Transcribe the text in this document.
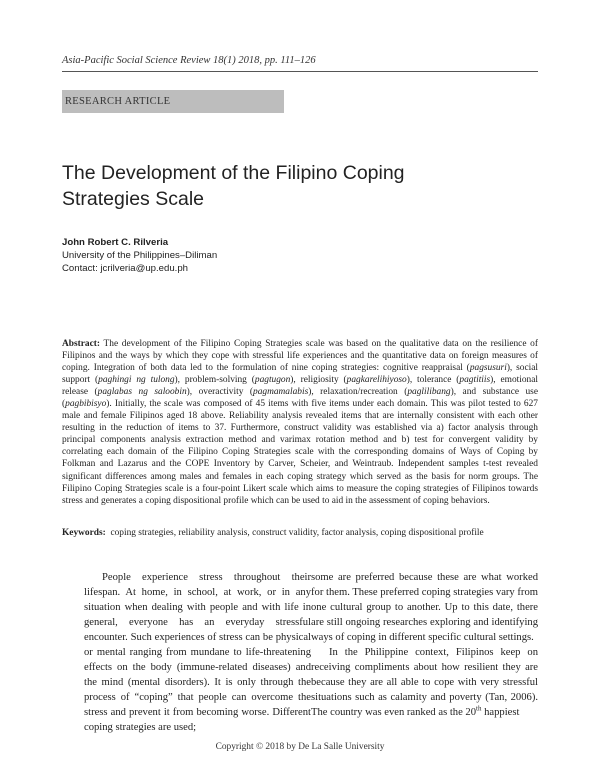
Asia-Pacific Social Science Review 18(1) 2018, pp. 111–126
RESEARCH ARTICLE
The Development of the Filipino Coping Strategies Scale
John Robert C. Rilveria
University of the Philippines–Diliman
Contact: jcrilveria@up.edu.ph
Abstract: The development of the Filipino Coping Strategies scale was based on the qualitative data on the resilience of Filipinos and the ways by which they cope with stressful life experiences and the quantitative data on foreign measures of coping. Integration of both data led to the formulation of nine coping strategies: cognitive reappraisal (pagsusuri), social support (paghingi ng tulong), problem-solving (pagtugon), religiosity (pagkarelihiyoso), tolerance (pagtitiis), emotional release (paglabas ng saloobin), overactivity (pagmamalabis), relaxation/recreation (paglilibang), and substance use (pagbibisyo). Initially, the scale was composed of 45 items with five items under each domain. This was pilot tested to 627 male and female Filipinos aged 18 above. Reliability analysis revealed items that are internally consistent with each other resulting in the reduction of items to 37. Furthermore, construct validity was established via a) factor analysis through principal components analysis extraction method and varimax rotation method and b) test for convergent validity by correlating each domain of the Filipino Coping Strategies scale with the corresponding domains of Ways of Coping by Folkman and Lazarus and the COPE Inventory by Carver, Scheier, and Weintraub. Independent samples t-test revealed significant differences among males and females in each coping strategy which served as the basis for norm groups. The Filipino Coping Strategies scale is a four-point Likert scale which aims to measure the coping strategies of Filipinos towards stress and generates a coping dispositional profile which can be used to aid in the assessment of coping behaviors.
Keywords: coping strategies, reliability analysis, construct validity, factor analysis, coping dispositional profile

People experience stress throughout their lifespan. At home, in school, at work, or in any situation when dealing with people and with life in general, everyone has an everyday stressful encounter. Such experiences of stress can be physical or mental ranging from mundane to life-threatening effects on the body (immune-related diseases) and the mind (mental disorders). It is only through the process of “coping” that people can overcome the stress and prevent it from becoming worse. Different coping strategies are used;

some are preferred because these are what worked for them. These preferred coping strategies vary from one cultural group to another. Up to this date, there are still ongoing researches exploring and identifying ways of coping in different specific cultural settings.

In the Philippine context, Filipinos keep on receiving compliments about how resilient they are because they are all able to cope with very stressful situations such as calamity and poverty (Tan, 2006). The country was even ranked as the 20th happiest

Copyright © 2018 by De La Salle University
